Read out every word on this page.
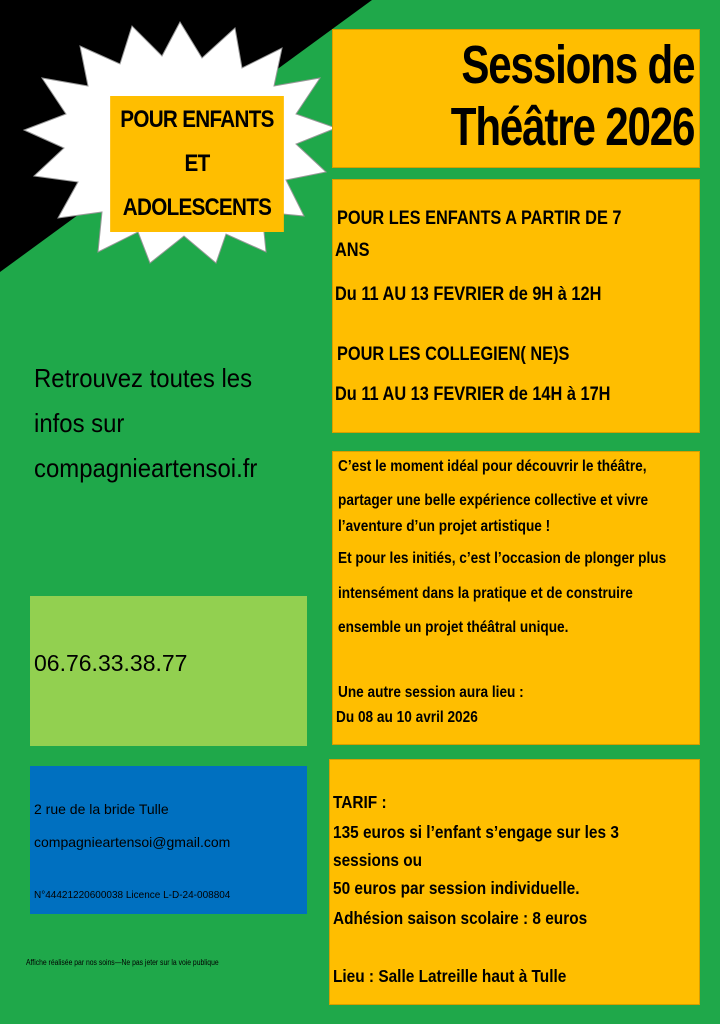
POUR ENFANTS
ET
ADOLESCENTS
Sessions de
Théâtre 2026
POUR LES ENFANTS A PARTIR DE 7
ANS
Du 11 AU 13 FEVRIER de 9H à 12H
POUR LES COLLEGIEN( NE)S
Du 11 AU 13 FEVRIER de 14H à 17H
C’est le moment idéal pour découvrir le théâtre,
partager une belle expérience collective et vivre
l’aventure d’un projet artistique !
Et pour les initiés, c’est l’occasion de plonger plus
intensément dans la pratique et de construire
ensemble un projet théâtral unique.
Une autre session aura lieu :
Du 08 au 10 avril 2026
TARIF :
135 euros si l’enfant s’engage sur les 3
sessions ou
50 euros par session individuelle.
Adhésion saison scolaire : 8 euros
Lieu : Salle Latreille haut à Tulle
Retrouvez toutes les
infos sur
compagnieartensoi.fr
06.76.33.38.77
2 rue de la bride Tulle
compagnieartensoi@gmail.com
N°44421220600038 Licence L-D-24-008804
Affiche réalisée par nos soins—Ne pas jeter sur la voie publique
